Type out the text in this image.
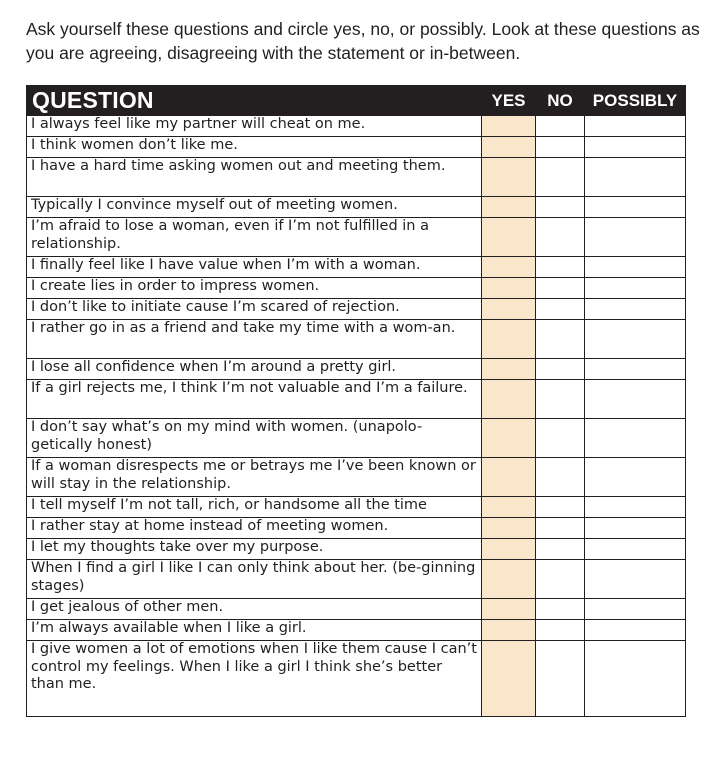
Ask yourself these questions and circle yes, no, or possibly. Look at these questions as you are agreeing, disagreeing with the statement or in-between.

QUESTION	YES	NO	POSSIBLY
I always feel like my partner will cheat on me.			
I think women don’t like me.			
I have a hard time asking women out and meeting them.			
Typically I convince myself out of meeting women.			
I’m afraid to lose a woman, even if I’m not fulfilled in a relationship.			
I finally feel like I have value when I’m with a woman.			
I create lies in order to impress women.			
I don’t like to initiate cause I’m scared of rejection.			
I rather go in as a friend and take my time with a wom-an.			
I lose all confidence when I’m around a pretty girl.			
If a girl rejects me, I think I’m not valuable and I’m a failure.			
I don’t say what’s on my mind with women. (unapolo-getically honest)			
If a woman disrespects me or betrays me I’ve been known or will stay in the relationship.			
I tell myself I’m not tall, rich, or handsome all the time			
I rather stay at home instead of meeting women.			
I let my thoughts take over my purpose.			
When I find a girl I like I can only think about her. (be-ginning stages)			
I get jealous of other men.			
I’m always available when I like a girl.			
I give women a lot of emotions when I like them cause I can’t control my feelings. When I like a girl I think she’s better than me.			
